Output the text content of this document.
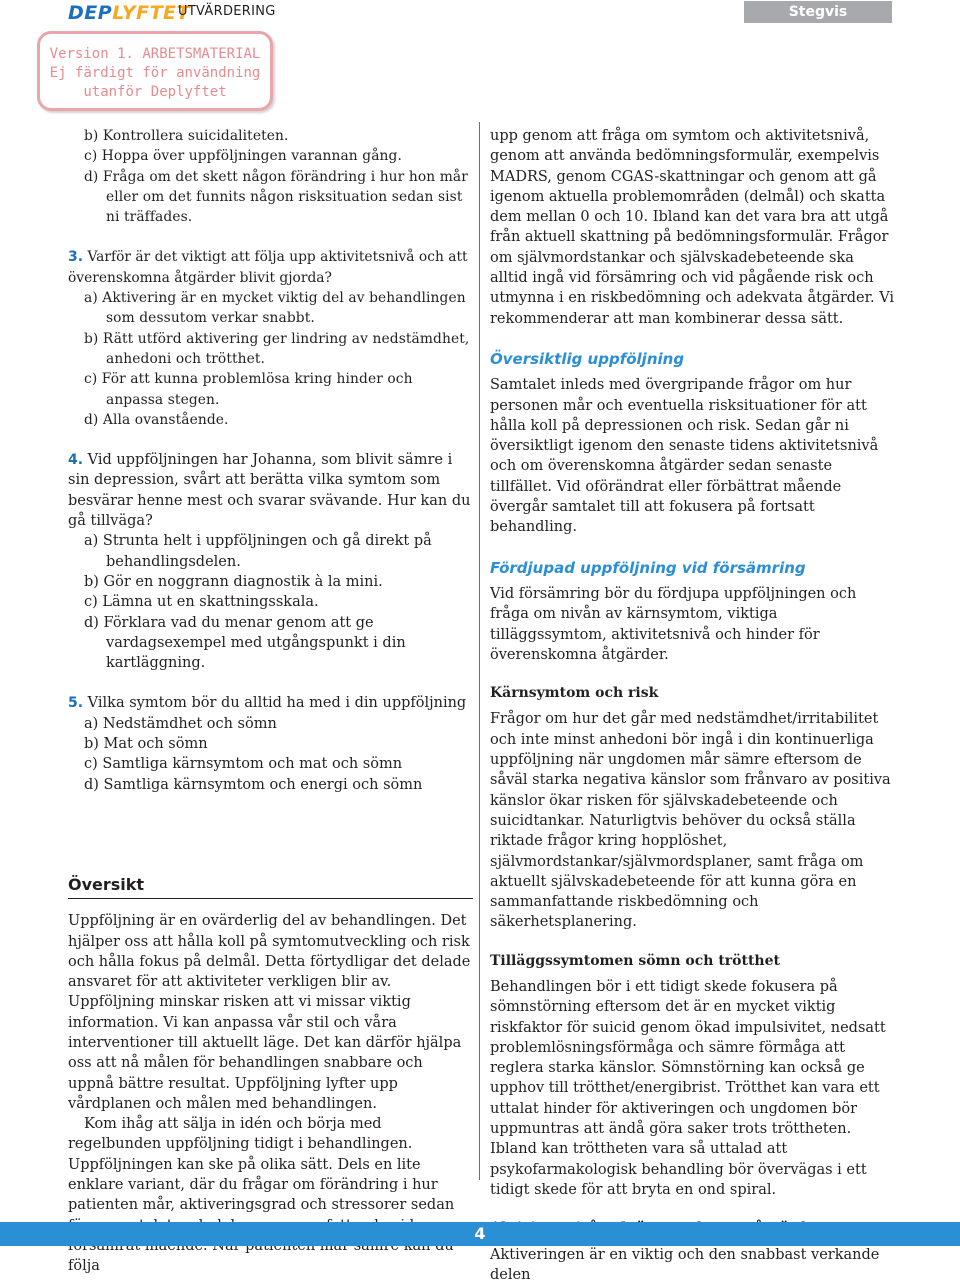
DEPLYFTET
UTVÄRDERING	Stegvis uppföljning
Version 1. ARBETSMATERIAL
Ej färdigt för användning
utanför Deplyftet
b) Kontrollera suicidaliteten.
c) Hoppa över uppföljningen varannan gång.
d) Fråga om det skett någon förändring i hur hon mår eller om det funnits någon risksituation sedan sist ni träffades.
3. Varför är det viktigt att följa upp aktivitetsnivå och att överenskomna åtgärder blivit gjorda?
a) Aktivering är en mycket viktig del av behandlingen som dessutom verkar snabbt.
b) Rätt utförd aktivering ger lindring av nedstämdhet, anhedoni och trötthet.
c) För att kunna problemlösa kring hinder och anpassa stegen.
d) Alla ovanstående.
4. Vid uppföljningen har Johanna, som blivit sämre i sin depression, svårt att berätta vilka symtom som besvärar henne mest och svarar svävande. Hur kan du gå tillväga?
a) Strunta helt i uppföljningen och gå direkt på behandlingsdelen.
b) Gör en noggrann diagnostik à la mini.
c) Lämna ut en skattningsskala.
d) Förklara vad du menar genom att ge vardagsexempel med utgångspunkt i din kartläggning.
5. Vilka symtom bör du alltid ha med i din uppföljning
a) Nedstämdhet och sömn
b) Mat och sömn
c) Samtliga kärnsymtom och mat och sömn
d) Samtliga kärnsymtom och energi och sömn
Översikt
Uppföljning är en ovärderlig del av behandlingen. Det hjälper oss att hålla koll på symtomutveckling och risk och hålla fokus på delmål. Detta förtydligar det delade ansvaret för att aktiviteter verkligen blir av. Uppföljning minskar risken att vi missar viktig information. Vi kan anpassa vår stil och våra interventioner till aktuellt läge. Det kan därför hjälpa oss att nå målen för behandlingen snabbare och uppnå bättre resultat. Uppföljning lyfter upp vårdplanen och målen med behandlingen.
Kom ihåg att sälja in idén och börja med regelbunden uppföljning tidigt i behandlingen. Uppföljningen kan ske på olika sätt. Dels en lite enklare variant, där du frågar om förändring i hur patienten mår, aktiveringsgrad och stressorer sedan följa
upp genom att fråga om symtom och aktivitetsnivå, genom att använda bedömningsformulär, exempelvis MADRS, genom CGAS-skattningar och genom att gå igenom aktuella problemområden (delmål) och skatta dem mellan 0 och 10. Ibland kan det vara bra att utgå från aktuell skattning på bedömningsformulär. Frågor om självmordstankar och självskadebeteende ska alltid ingå vid försämring och vid pågående risk och utmynna i en riskbedömning och adekvata åtgärder. Vi rekommenderar att man kombinerar dessa sätt.
Översiktlig uppföljning
Samtalet inleds med övergripande frågor om hur personen mår och eventuella risksituationer för att hålla koll på depressionen och risk. Sedan går ni översiktligt igenom den senaste tidens aktivitetsnivå och om överenskomna åtgärder sedan senaste tillfället. Vid oförändrat eller förbättrat mående övergår samtalet till att fokusera på fortsatt behandling.
Fördjupad uppföljning vid försämring
Vid försämring bör du fördjupa uppföljningen och fråga om nivån av kärnsymtom, viktiga tilläggssymtom, aktivitetsnivå och hinder för överenskomna åtgärder.
Kärnsymtom och risk
Frågor om hur det går med nedstämdhet/irritabilitet och inte minst anhedoni bör ingå i din kontinuerliga uppföljning när ungdomen mår sämre eftersom de såväl starka negativa känslor som frånvaro av positiva känslor ökar risken för självskadebeteende och suicidtankar. Naturligtvis behöver du också ställa riktade frågor kring hopplöshet, självmordstankar/självmordsplaner, samt fråga om aktuellt självskadebeteende för att kunna göra en sammanfattande riskbedömning och säkerhetsplanering.
Tilläggssymtomen sömn och trötthet
Behandlingen bör i ett tidigt skede fokusera på sömnstörning eftersom det är en mycket viktig riskfaktor för suicid genom ökad impulsivitet, nedsatt problemlösningsförmåga och sämre förmåga att reglera starka känslor. Sömnstörning kan också ge upphov till trötthet/energibrist. Trötthet kan vara ett uttalat hinder för aktiveringen och ungdomen bör uppmuntras att ändå göra saker trots tröttheten. Ibland kan tröttheten vara så uttalad att psykofarmakologisk behandling bör övervägas i ett tidigt skede för att bryta en ond spiral.
Aktiveringen är en viktig och den snabbast verkande delen
4
